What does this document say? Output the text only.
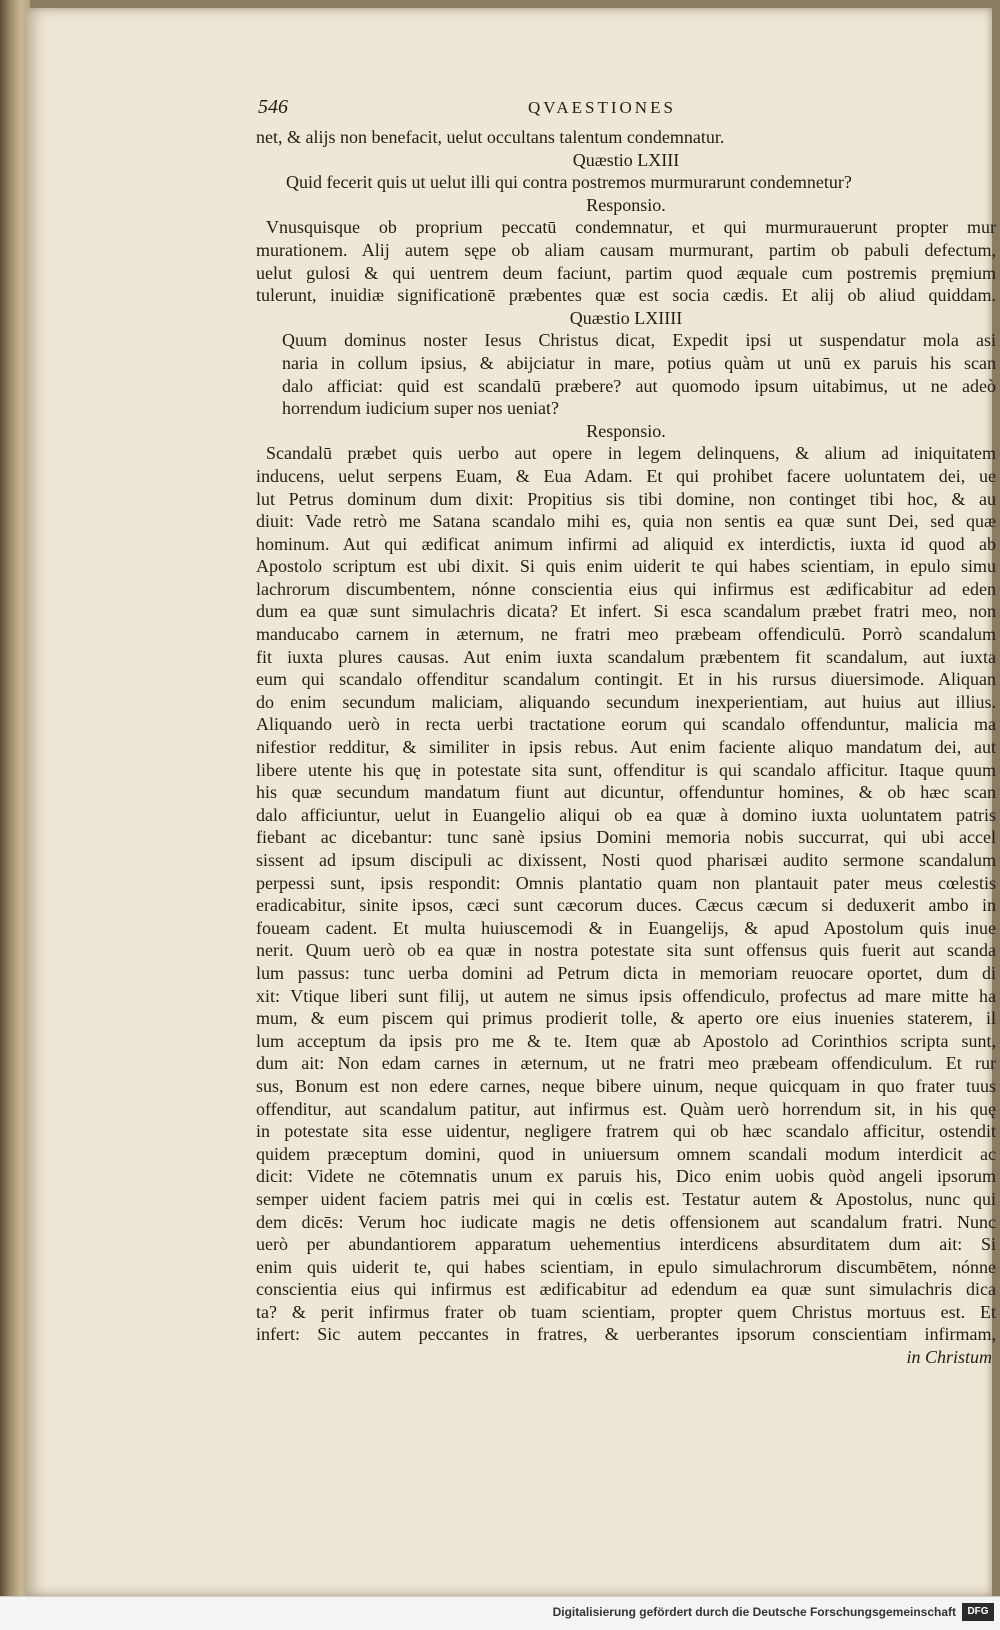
546	QVAESTIONES
net, & alijs non benefacit, uelut occultans talentum condemnatur.
Quæstio LXIII
Quid fecerit quis ut uelut illi qui contra postremos murmurarunt condemnetur?
Responsio.
Vnusquisque ob proprium peccatū condemnatur, et qui murmurauerunt propter mur
murationem. Alij autem sępe ob aliam causam murmurant, partim ob pabuli defectum,
uelut gulosi & qui uentrem deum faciunt, partim quod æquale cum postremis pręmium
tulerunt, inuidiæ significationē præbentes quæ est socia cædis. Et alij ob aliud quiddam.
Quæstio LXIIII
Quum dominus noster Iesus Christus dicat, Expedit ipsi ut suspendatur mola asi
naria in collum ipsius, & abijciatur in mare, potius quàm ut unū ex paruis his scan
dalo afficiat: quid est scandalū præbere? aut quomodo ipsum uitabimus, ut ne adeò
horrendum iudicium super nos ueniat?
Responsio.
Scandalū præbet quis uerbo aut opere in legem delinquens, & alium ad iniquitatem
inducens, uelut serpens Euam, & Eua Adam. Et qui prohibet facere uoluntatem dei, ue
lut Petrus dominum dum dixit: Propitius sis tibi domine, non continget tibi hoc, & au
diuit: Vade retrò me Satana scandalo mihi es, quia non sentis ea quæ sunt Dei, sed quæ
hominum. Aut qui ædificat animum infirmi ad aliquid ex interdictis, iuxta id quod ab
Apostolo scriptum est ubi dixit. Si quis enim uiderit te qui habes scientiam, in epulo simu
lachrorum discumbentem, nónne conscientia eius qui infirmus est ædificabitur ad eden
dum ea quæ sunt simulachris dicata? Et infert. Si esca scandalum præbet fratri meo, non
manducabo carnem in æternum, ne fratri meo præbeam offendiculū. Porrò scandalum
fit iuxta plures causas. Aut enim iuxta scandalum præbentem fit scandalum, aut iuxta
eum qui scandalo offenditur scandalum contingit. Et in his rursus diuersimode. Aliquan
do enim secundum maliciam, aliquando secundum inexperientiam, aut huius aut illius.
Aliquando uerò in recta uerbi tractatione eorum qui scandalo offenduntur, malicia ma
nifestior redditur, & similiter in ipsis rebus. Aut enim faciente aliquo mandatum dei, aut
libere utente his quę in potestate sita sunt, offenditur is qui scandalo afficitur. Itaque quum
his quæ secundum mandatum fiunt aut dicuntur, offenduntur homines, & ob hæc scan
dalo afficiuntur, uelut in Euangelio aliqui ob ea quæ à domino iuxta uoluntatem patris
fiebant ac dicebantur: tunc sanè ipsius Domini memoria nobis succurrat, qui ubi accel
sissent ad ipsum discipuli ac dixissent, Nosti quod pharisæi audito sermone scandalum
perpessi sunt, ipsis respondit: Omnis plantatio quam non plantauit pater meus cœlestis
eradicabitur, sinite ipsos, cæci sunt cæcorum duces. Cæcus cæcum si deduxerit ambo in
foueam cadent. Et multa huiuscemodi & in Euangelijs, & apud Apostolum quis inue
nerit. Quum uerò ob ea quæ in nostra potestate sita sunt offensus quis fuerit aut scanda
lum passus: tunc uerba domini ad Petrum dicta in memoriam reuocare oportet, dum di
xit: Vtique liberi sunt filij, ut autem ne simus ipsis offendiculo, profectus ad mare mitte ha
mum, & eum piscem qui primus prodierit tolle, & aperto ore eius inuenies staterem, il
lum acceptum da ipsis pro me & te. Item quæ ab Apostolo ad Corinthios scripta sunt,
dum ait: Non edam carnes in æternum, ut ne fratri meo præbeam offendiculum. Et rur
sus, Bonum est non edere carnes, neque bibere uinum, neque quicquam in quo frater tuus
offenditur, aut scandalum patitur, aut infirmus est. Quàm uerò horrendum sit, in his quę
in potestate sita esse uidentur, negligere fratrem qui ob hæc scandalo afficitur, ostendit
quidem præceptum domini, quod in uniuersum omnem scandali modum interdicit ac
dicit: Videte ne cōtemnatis unum ex paruis his, Dico enim uobis quòd angeli ipsorum
semper uident faciem patris mei qui in cœlis est. Testatur autem & Apostolus, nunc qui
dem dicēs: Verum hoc iudicate magis ne detis offensionem aut scandalum fratri. Nunc
uerò per abundantiorem apparatum uehementius interdicens absurditatem dum ait: Si
enim quis uiderit te, qui habes scientiam, in epulo simulachrorum discumbētem, nónne
conscientia eius qui infirmus est ædificabitur ad edendum ea quæ sunt simulachris dica
ta? & perit infirmus frater ob tuam scientiam, propter quem Christus mortuus est. Et
infert: Sic autem peccantes in fratres, & uerberantes ipsorum conscientiam infirmam,
in Christum
Digitalisierung gefördert durch die Deutsche Forschungsgemeinschaft	DFG
